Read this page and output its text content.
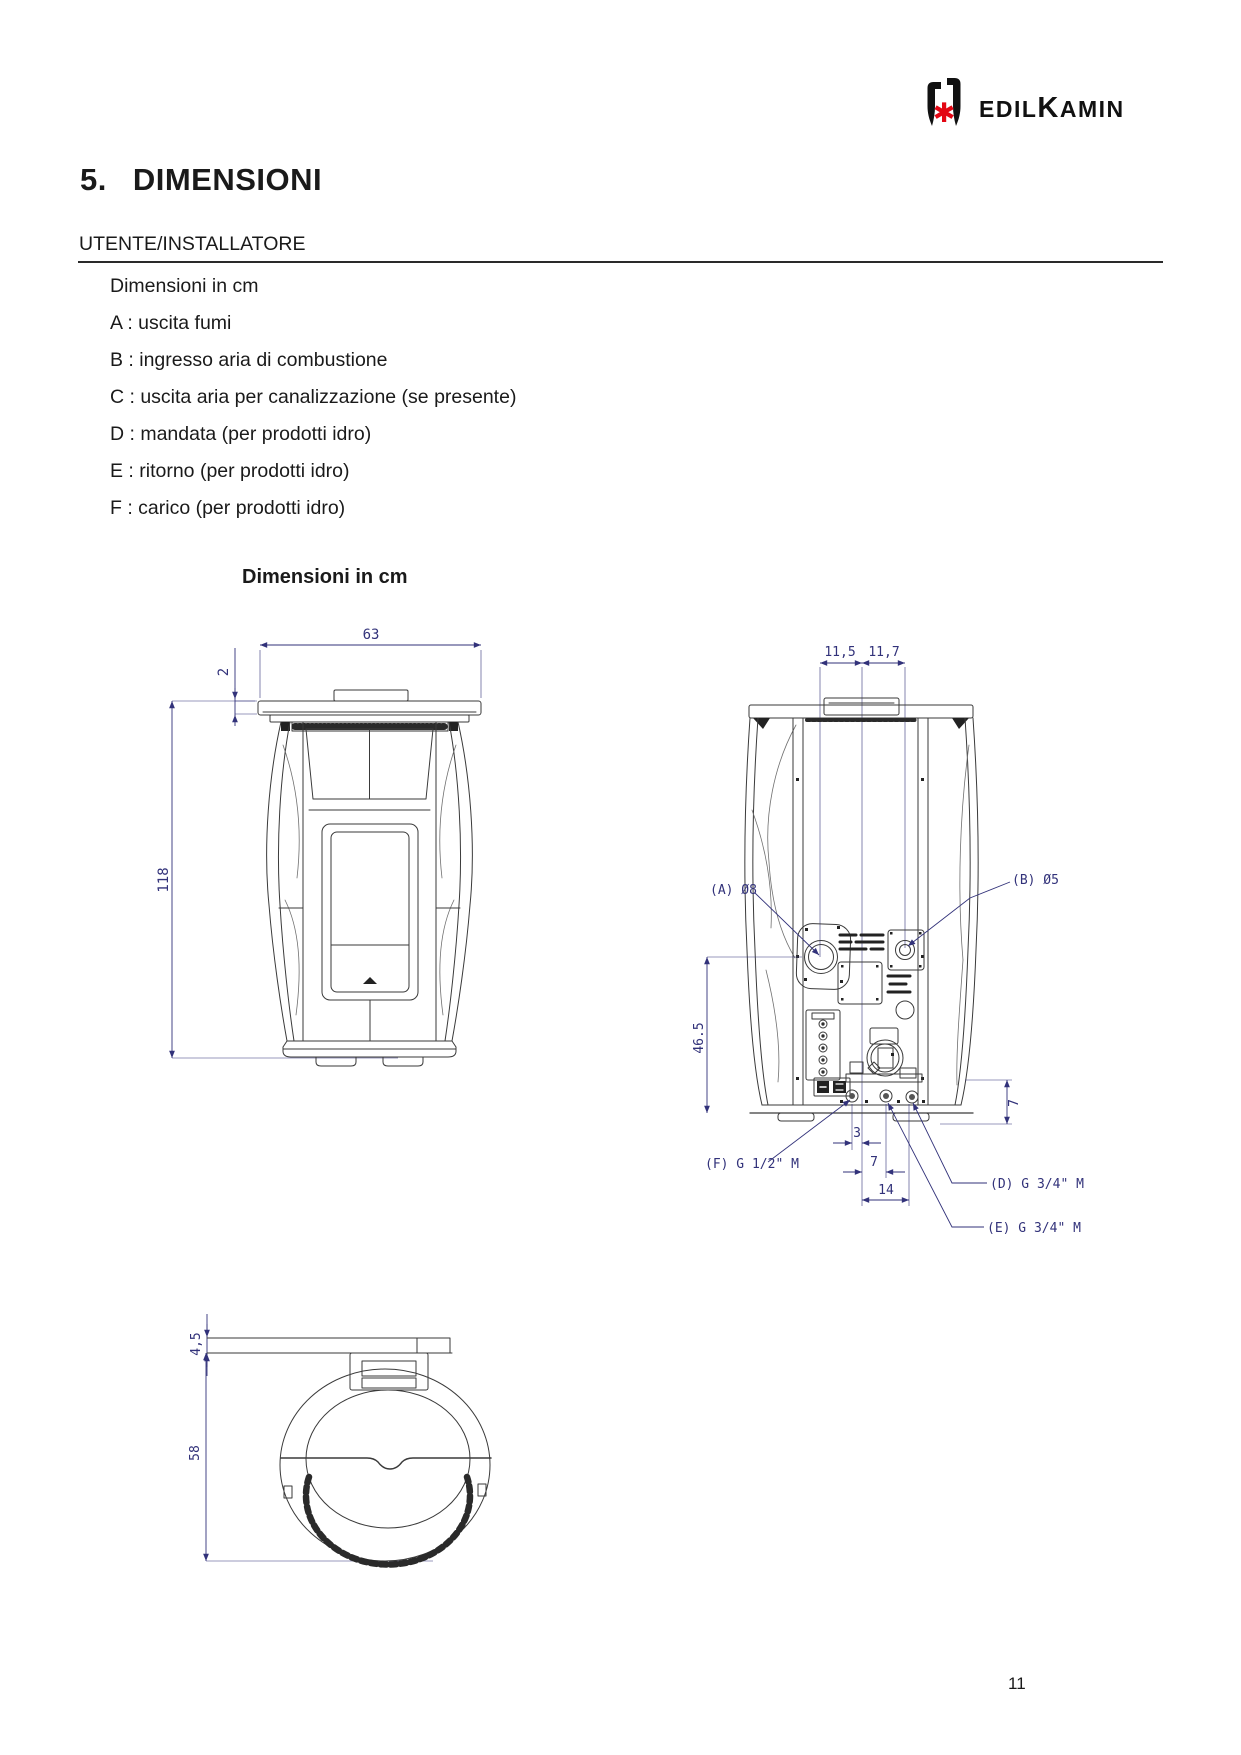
✱ EDILKAMIN
5. DIMENSIONI
UTENTE/INSTALLATORE
Dimensioni in cm
A : uscita fumi
B : ingresso aria di combustione
C : uscita aria per canalizzazione (se presente)
D : mandata (per prodotti idro)
E : ritorno (per prodotti idro)
F : carico (per prodotti idro)
Dimensioni in cm
63
2
118
11,5 11,7
46.5
3
7
14
7
(A) Ø8
(B) Ø5
(F) G 1/2" M
(D) G 3/4" M
(E) G 3/4" M
4,5
58
11
